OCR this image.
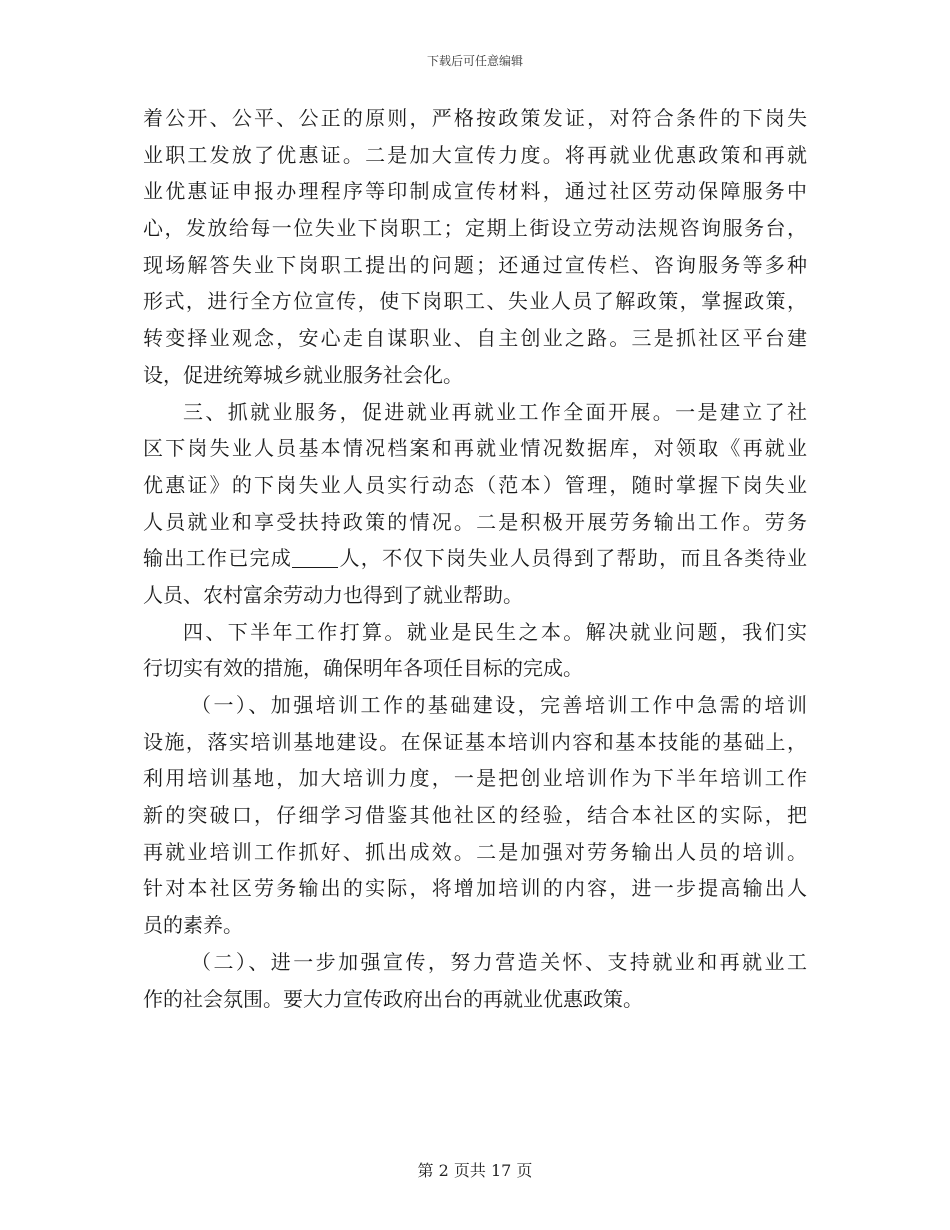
下载后可任意编辑
着公开、公平、公正的原则，严格按政策发证，对符合条件的下岗失
业职工发放了优惠证。二是加大宣传力度。将再就业优惠政策和再就
业优惠证申报办理程序等印制成宣传材料，通过社区劳动保障服务中
心，发放给每一位失业下岗职工；定期上街设立劳动法规咨询服务台，
现场解答失业下岗职工提出的问题；还通过宣传栏、咨询服务等多种
形式，进行全方位宣传，使下岗职工、失业人员了解政策，掌握政策，
转变择业观念，安心走自谋职业、自主创业之路。三是抓社区平台建
设，促进统筹城乡就业服务社会化。
三、抓就业服务，促进就业再就业工作全面开展。一是建立了社
区下岗失业人员基本情况档案和再就业情况数据库，对领取《再就业
优惠证》的下岗失业人员实行动态（范本）管理，随时掌握下岗失业
人员就业和享受扶持政策的情况。二是积极开展劳务输出工作。劳务
输出工作已完成 人，不仅下岗失业人员得到了帮助，而且各类待业
人员、农村富余劳动力也得到了就业帮助。
四、下半年工作打算。就业是民生之本。解决就业问题，我们实
行切实有效的措施，确保明年各项任目标的完成。
（一）、加强培训工作的基础建设，完善培训工作中急需的培训
设施，落实培训基地建设。在保证基本培训内容和基本技能的基础上，
利用培训基地，加大培训力度，一是把创业培训作为下半年培训工作
新的突破口，仔细学习借鉴其他社区的经验，结合本社区的实际，把
再就业培训工作抓好、抓出成效。二是加强对劳务输出人员的培训。
针对本社区劳务输出的实际，将增加培训的内容，进一步提高输出人
员的素养。
（二）、进一步加强宣传，努力营造关怀、支持就业和再就业工
作的社会氛围。要大力宣传政府出台的再就业优惠政策。
第 2 页共 17 页
